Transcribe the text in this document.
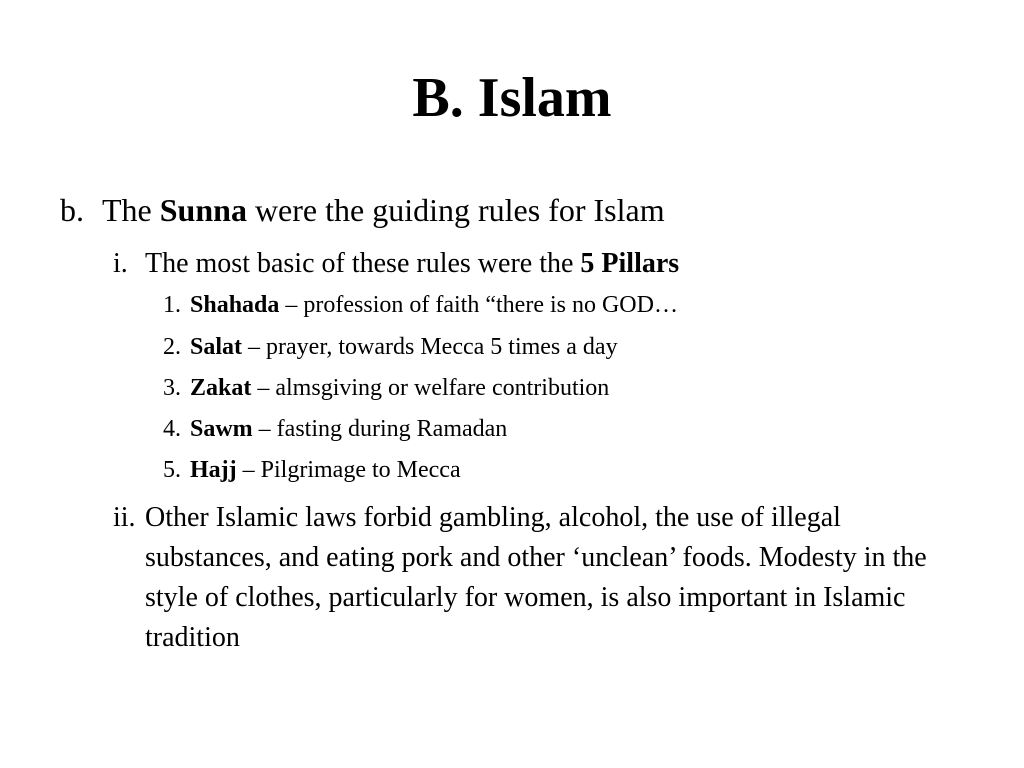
B. Islam
b. The Sunna were the guiding rules for Islam
i. The most basic of these rules were the 5 Pillars
1. Shahada – profession of faith “there is no GOD…
2. Salat – prayer, towards Mecca 5 times a day
3. Zakat – almsgiving or welfare contribution
4. Sawm – fasting during Ramadan
5. Hajj – Pilgrimage to Mecca
ii. Other Islamic laws forbid gambling, alcohol, the use of illegal substances, and eating pork and other ‘unclean’ foods. Modesty in the style of clothes, particularly for women, is also important in Islamic tradition
